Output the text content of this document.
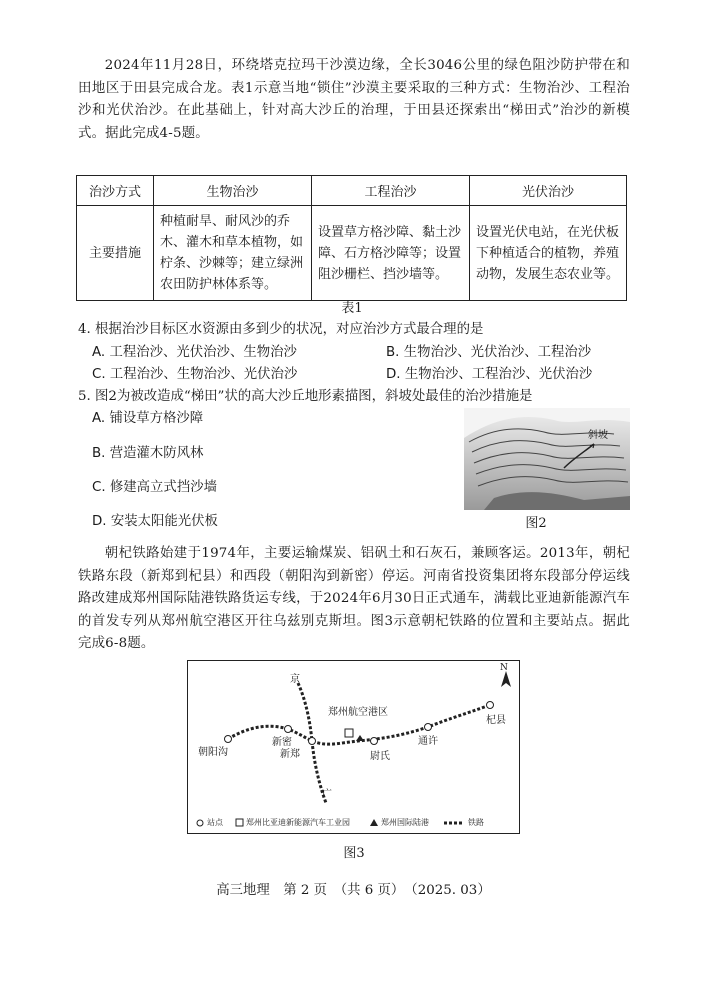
2024年11月28日，环绕塔克拉玛干沙漠边缘，全长3046公里的绿色阻沙防护带在和田地区于田县完成合龙。表1示意当地“锁住”沙漠主要采取的三种方式：生物治沙、工程治沙和光伏治沙。在此基础上，针对高大沙丘的治理，于田县还探索出“梯田式”治沙的新模式。据此完成4-5题。
治沙方式	生物治沙	工程治沙	光伏治沙
主要措施	种植耐旱、耐风沙的乔木、灌木和草本植物，如柠条、沙棘等；建立绿洲农田防护林体系等。	设置草方格沙障、黏土沙障、石方格沙障等；设置阻沙栅栏、挡沙墙等。	设置光伏电站，在光伏板下种植适合的植物，养殖动物，发展生态农业等。
表1
4. 根据治沙目标区水资源由多到少的状况，对应治沙方式最合理的是
A. 工程治沙、光伏治沙、生物治沙	B. 生物治沙、光伏治沙、工程治沙
C. 工程治沙、生物治沙、光伏治沙	D. 生物治沙、工程治沙、光伏治沙
5. 图2为被改造成“梯田”状的高大沙丘地形素描图，斜坡处最佳的治沙措施是
A. 铺设草方格沙障
B. 营造灌木防风林
C. 修建高立式挡沙墙
D. 安装太阳能光伏板
斜坡
图2
朝杞铁路始建于1974年，主要运输煤炭、铝矾土和石灰石，兼顾客运。2013年，朝杞铁路东段（新郑到杞县）和西段（朝阳沟到新密）停运。河南省投资集团将东段部分停运线路改建成郑州国际陆港铁路货运专线，于2024年6月30日正式通车，满载比亚迪新能源汽车的首发专列从郑州航空港区开往乌兹别克斯坦。图3示意朝杞铁路的位置和主要站点。据此完成6-8题。
京
广
N
朝阳沟
新密
新郑	尉氏
通许
杞县
郑州航空港区
站点	郑州比亚迪新能源汽车工业园	郑州国际陆港	铁路
图3
高三地理　第 2 页　（共 6 页）　（2025. 03）
